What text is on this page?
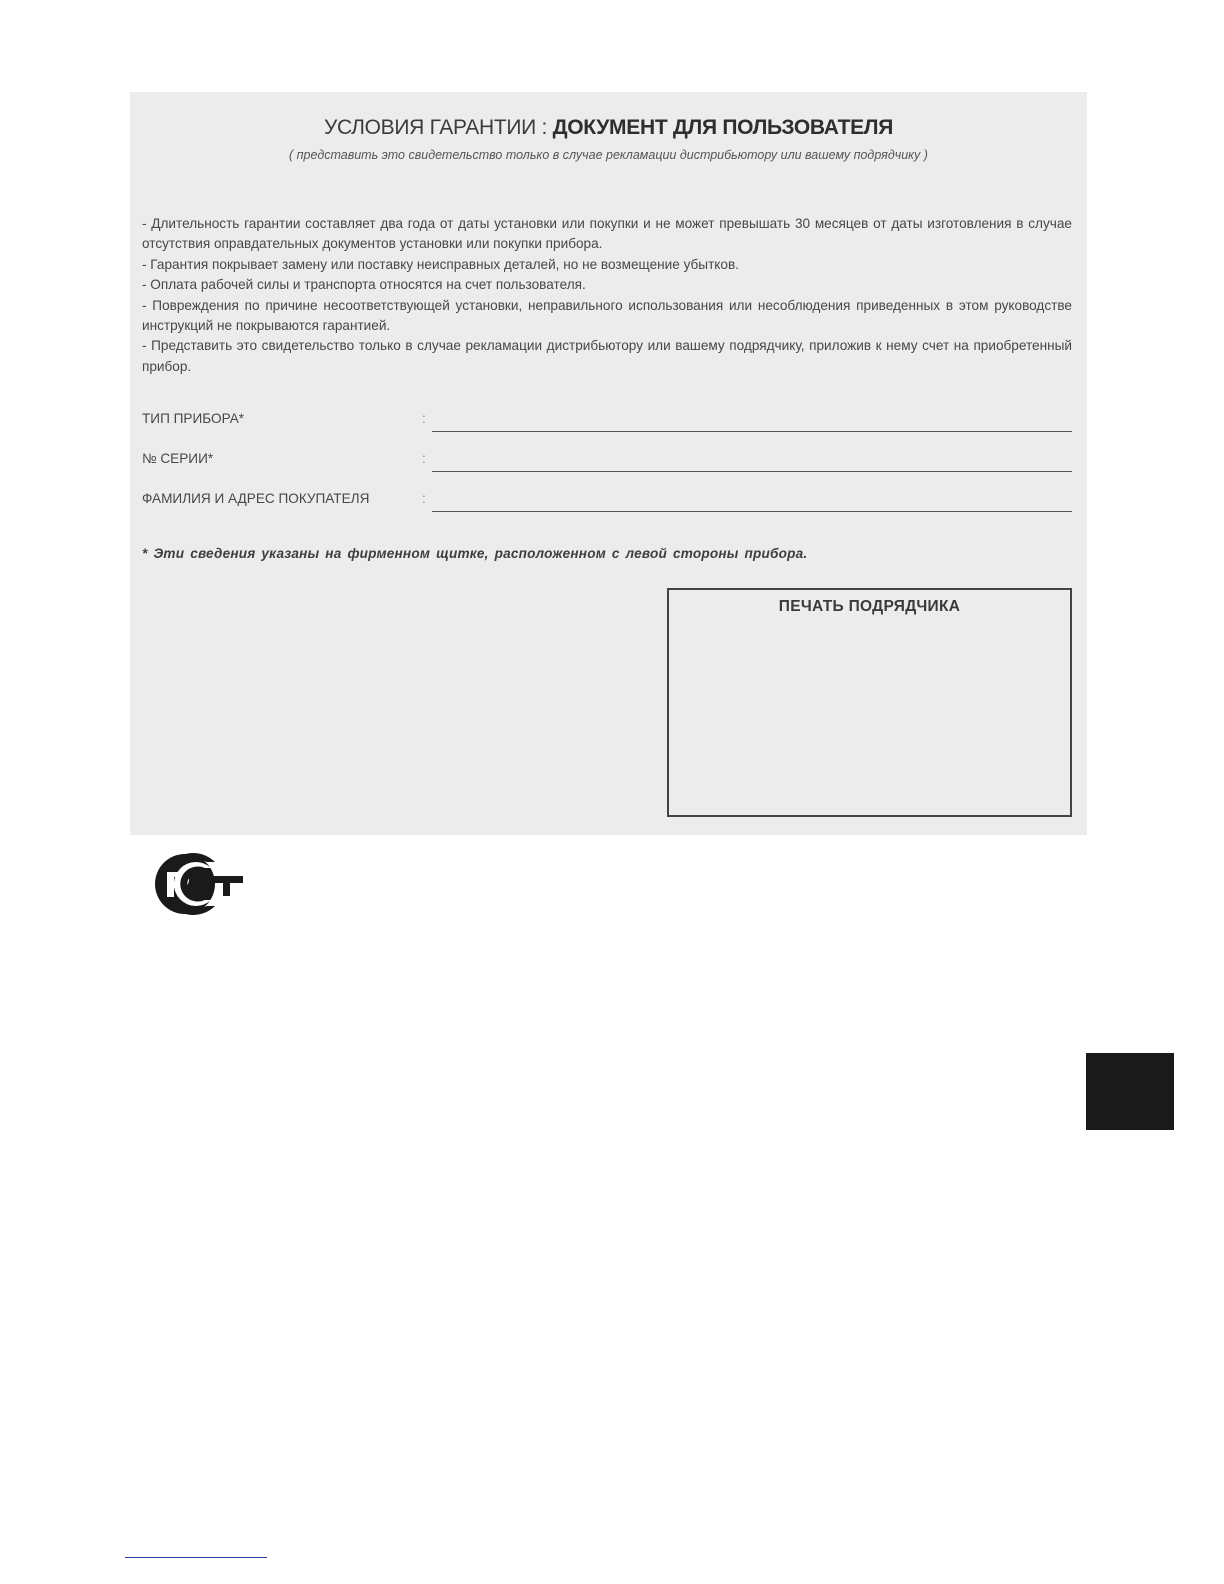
УСЛОВИЯ ГАРАНТИИ : ДОКУМЕНТ ДЛЯ ПОЛЬЗОВАТЕЛЯ
( представить это свидетельство только в случае рекламации дистрибьютору или вашему подрядчику )

- Длительность гарантии составляет два года от даты установки или покупки и не может превышать 30 месяцев от даты изготовления в случае отсутствия оправдательных документов установки или покупки прибора.

- Гарантия покрывает замену или поставку неисправных деталей, но не возмещение убытков.

- Оплата рабочей силы и транспорта относятся на счет пользователя.

- Повреждения по причине несоответствующей установки, неправильного использования или несоблюдения приведенных в этом руководстве инструкций не покрываются гарантией.

- Представить это свидетельство только в случае рекламации дистрибьютору или вашему подрядчику, приложив к нему счет на приобретенный прибор.

ТИП ПРИБОРА*	:
№ СЕРИИ*	:
ФАМИЛИЯ И АДРЕС ПОКУПАТЕЛЯ	:
* Эти сведения указаны на фирменном щитке, расположенном с левой стороны прибора.
ПЕЧАТЬ ПОДРЯДЧИКА
